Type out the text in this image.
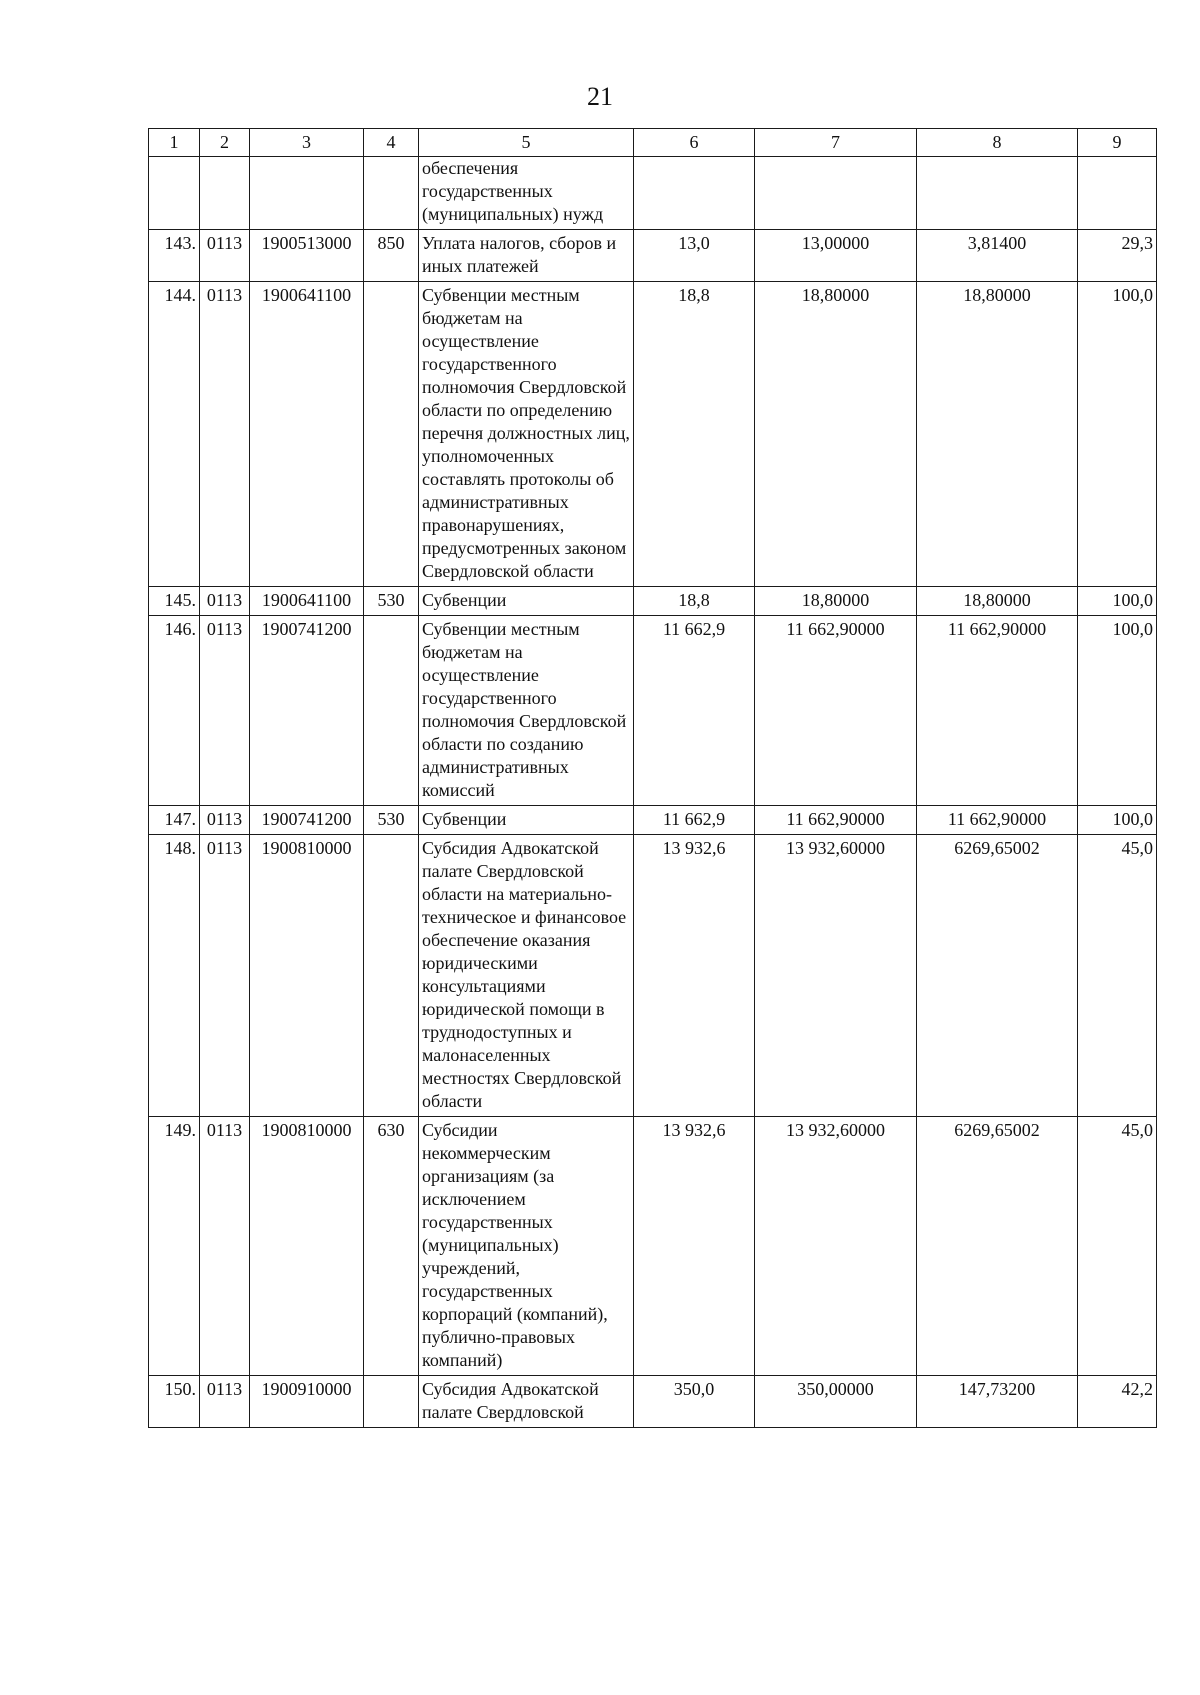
21
1	2	3	4	5	6	7	8	9
				обеспечения государственных (муниципальных) нужд				
143.	0113	1900513000	850	Уплата налогов, сборов и иных платежей	13,0	13,00000	3,81400	29,3
144.	0113	1900641100		Субвенции местным бюджетам на осуществление государственного полномочия Свердловской области по определению перечня должностных лиц, уполномоченных составлять протоколы об административных правонарушениях, предусмотренных законом Свердловской области	18,8	18,80000	18,80000	100,0
145.	0113	1900641100	530	Субвенции	18,8	18,80000	18,80000	100,0
146.	0113	1900741200		Субвенции местным бюджетам на осуществление государственного полномочия Свердловской области по созданию административных комиссий	11 662,9	11 662,90000	11 662,90000	100,0
147.	0113	1900741200	530	Субвенции	11 662,9	11 662,90000	11 662,90000	100,0
148.	0113	1900810000		Субсидия Адвокатской палате Свердловской области на материально-техническое и финансовое обеспечение оказания юридическими консультациями юридической помощи в труднодоступных и малонаселенных местностях Свердловской области	13 932,6	13 932,60000	6269,65002	45,0
149.	0113	1900810000	630	Субсидии некоммерческим организациям (за исключением государственных (муниципальных) учреждений, государственных корпораций (компаний), публично-правовых компаний)	13 932,6	13 932,60000	6269,65002	45,0
150.	0113	1900910000		Субсидия Адвокатской палате Свердловской	350,0	350,00000	147,73200	42,2
